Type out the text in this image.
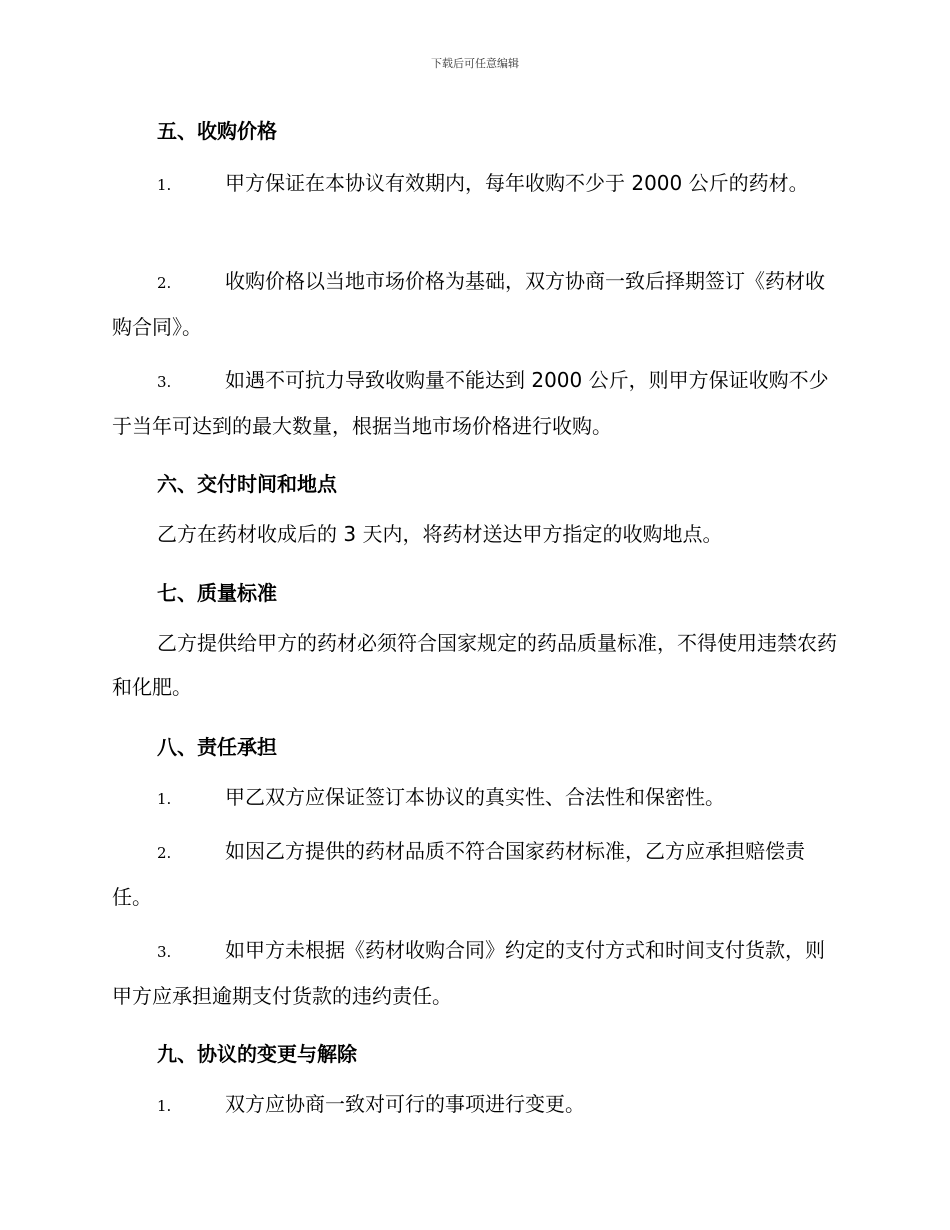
下载后可任意编辑
五、收购价格
1.	甲方保证在本协议有效期内，每年收购不少于 2000 公斤的药材。
2.	收购价格以当地市场价格为基础，双方协商一致后择期签订《药材收购合同》。
3.	如遇不可抗力导致收购量不能达到 2000 公斤，则甲方保证收购不少于当年可达到的最大数量，根据当地市场价格进行收购。
六、交付时间和地点
乙方在药材收成后的 3 天内，将药材送达甲方指定的收购地点。
七、质量标准
乙方提供给甲方的药材必须符合国家规定的药品质量标准，不得使用违禁农药和化肥。
八、责任承担
1.	甲乙双方应保证签订本协议的真实性、合法性和保密性。
2.	如因乙方提供的药材品质不符合国家药材标准，乙方应承担赔偿责任。
3.	如甲方未根据《药材收购合同》约定的支付方式和时间支付货款，则甲方应承担逾期支付货款的违约责任。
九、协议的变更与解除
1.	双方应协商一致对可行的事项进行变更。
